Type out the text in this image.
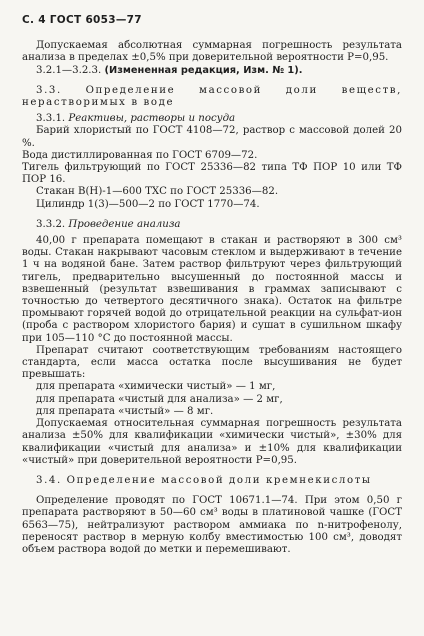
С. 4 ГОСТ 6053—77

Допускаемая абсолютная суммарная погрешность результата анализа в пределах ±0,5% при доверительной вероятности Р=0,95.

3.2.1—3.2.3. (Измененная редакция, Изм. № 1).

3.3. Определение массовой доли веществ, нерастворимых в воде

3.3.1. Реактивы, растворы и посуда

Барий хлористый по ГОСТ 4108—72, раствор с массовой долей 20 %.

Вода дистиллированная по ГОСТ 6709—72.

Тигель фильтрующий по ГОСТ 25336—82 типа ТФ ПОР 10 или ТФ ПОР 16.

Стакан В(Н)-1—600 ТХС по ГОСТ 25336—82.

Цилиндр 1(3)—500—2 по ГОСТ 1770—74.

3.3.2. Проведение анализа

40,00 г препарата помещают в стакан и растворяют в 300 см³ воды. Стакан накрывают часовым стеклом и выдерживают в течение 1 ч на водяной бане. Затем раствор фильтруют через фильтрующий тигель, предварительно высушенный до постоянной массы и взвешенный (результат взвешивания в граммах записывают с точностью до четвертого десятичного знака). Остаток на фильтре промывают горячей водой до отрицательной реакции на сульфат-ион (проба с раствором хлористого бария) и сушат в сушильном шкафу при 105—110 °С до постоянной массы.

Препарат считают соответствующим требованиям настоящего стандарта, если масса остатка после высушивания не будет превышать:

для препарата «химически чистый» — 1 мг,

для препарата «чистый для анализа» — 2 мг,

для препарата «чистый» — 8 мг.

Допускаемая относительная суммарная погрешность результата анализа ±50% для квалификации «химически чистый», ±30% для квалификации «чистый для анализа» и ±10% для квалификации «чистый» при доверительной вероятности Р=0,95.

3.4. Определение массовой доли кремнекислоты

Определение проводят по ГОСТ 10671.1—74. При этом 0,50 г препарата растворяют в 50—60 см³ воды в платиновой чашке (ГОСТ 6563—75), нейтрализуют раствором аммиака по n-нитрофенолу, переносят раствор в мерную колбу вместимостью 100 см³, доводят объем раствора водой до метки и перемешивают.
